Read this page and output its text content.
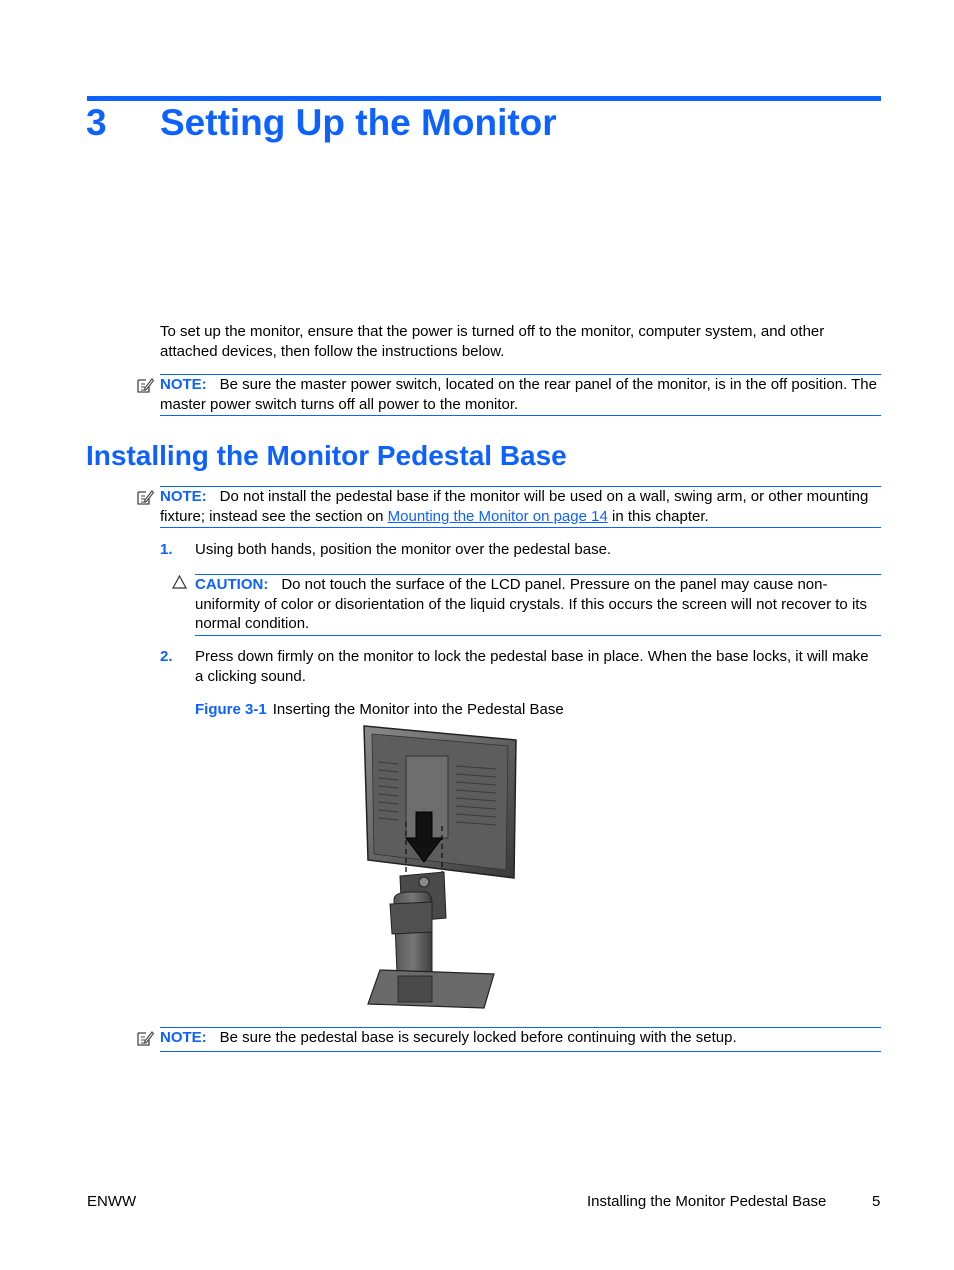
3 Setting Up the Monitor
To set up the monitor, ensure that the power is turned off to the monitor, computer system, and other attached devices, then follow the instructions below.
NOTE: Be sure the master power switch, located on the rear panel of the monitor, is in the off position. The master power switch turns off all power to the monitor.
Installing the Monitor Pedestal Base
NOTE: Do not install the pedestal base if the monitor will be used on a wall, swing arm, or other mounting fixture; instead see the section on Mounting the Monitor on page 14 in this chapter.
1. Using both hands, position the monitor over the pedestal base.
CAUTION: Do not touch the surface of the LCD panel. Pressure on the panel may cause non-uniformity of color or disorientation of the liquid crystals. If this occurs the screen will not recover to its normal condition.
2. Press down firmly on the monitor to lock the pedestal base in place. When the base locks, it will make a clicking sound.
Figure 3-1 Inserting the Monitor into the Pedestal Base
NOTE: Be sure the pedestal base is securely locked before continuing with the setup.
ENWW	Installing the Monitor Pedestal Base	5
